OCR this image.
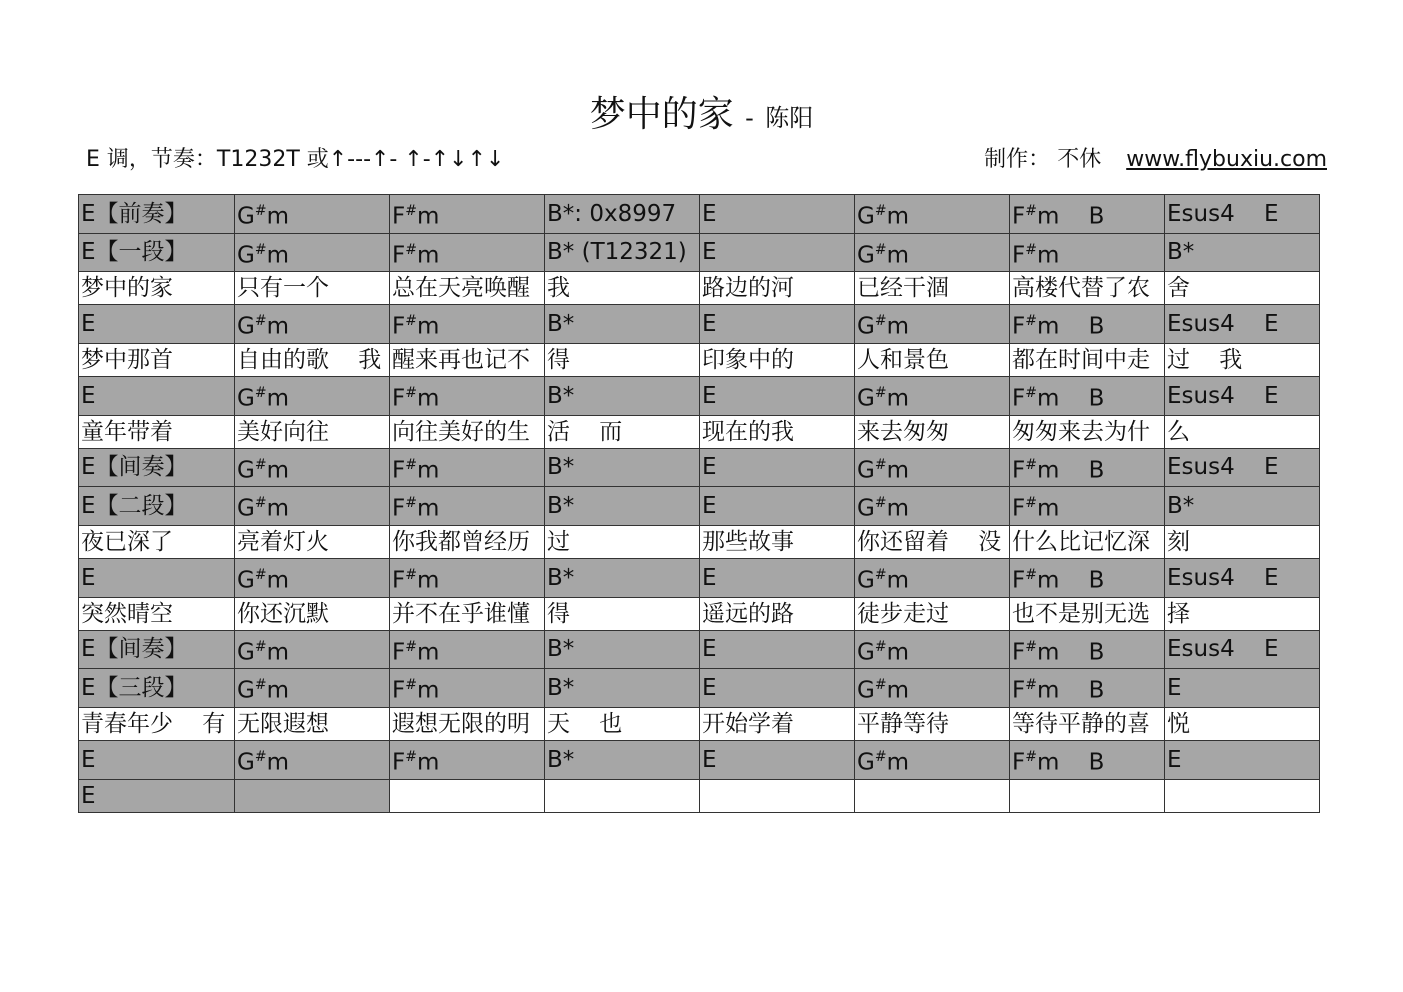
梦中的家 - 陈阳
E 调，节奏：T1232T 或↑---↑- ↑-↑↓↑↓	制作： 不休 www.flybuxiu.com
E【前奏】	G#m	F#m	B*: 0x8997	E	G#m	F#m    B	Esus4    E
E【一段】	G#m	F#m	B* (T12321)	E	G#m	F#m	B*
梦中的家	只有一个	总在天亮唤醒	我	路边的河	已经干涸	高楼代替了农	舍
E	G#m	F#m	B*	E	G#m	F#m    B	Esus4    E
梦中那首	自由的歌    我	醒来再也记不	得	印象中的	人和景色	都在时间中走	过    我
E	G#m	F#m	B*	E	G#m	F#m    B	Esus4    E
童年带着	美好向往	向往美好的生	活    而	现在的我	来去匆匆	匆匆来去为什	么
E【间奏】	G#m	F#m	B*	E	G#m	F#m    B	Esus4    E
E【二段】	G#m	F#m	B*	E	G#m	F#m	B*
夜已深了	亮着灯火	你我都曾经历	过	那些故事	你还留着    没	什么比记忆深	刻
E	G#m	F#m	B*	E	G#m	F#m    B	Esus4    E
突然晴空	你还沉默	并不在乎谁懂	得	遥远的路	徒步走过	也不是别无选	择
E【间奏】	G#m	F#m	B*	E	G#m	F#m    B	Esus4    E
E【三段】	G#m	F#m	B*	E	G#m	F#m    B	E
青春年少    有	无限遐想	遐想无限的明	天    也	开始学着	平静等待	等待平静的喜	悦
E	G#m	F#m	B*	E	G#m	F#m    B	E
E							
